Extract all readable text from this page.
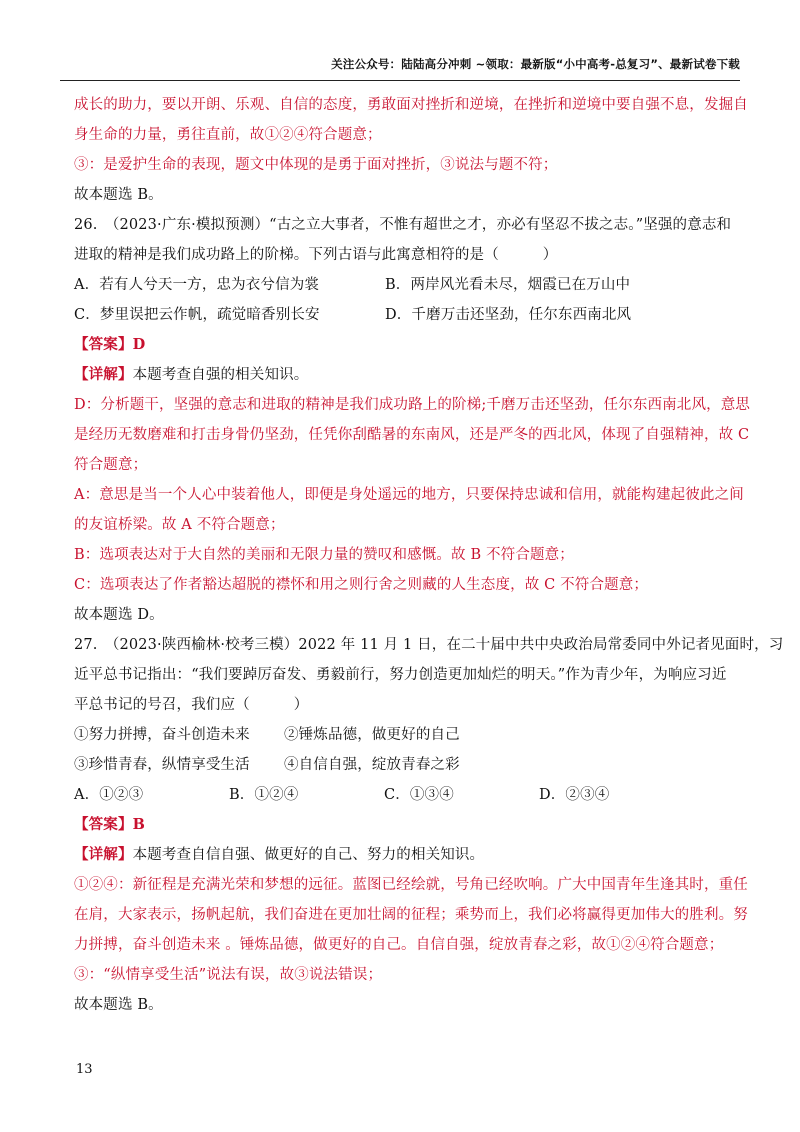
关注公众号：陆陆高分冲刺 ~领取：最新版“小中高考-总复习”、最新试卷下载
成长的助力，要以开朗、乐观、自信的态度，勇敢面对挫折和逆境，在挫折和逆境中要自强不息，发掘自
身生命的力量，勇往直前，故①②④符合题意；
③：是爱护生命的表现，题文中体现的是勇于面对挫折，③说法与题不符；
故本题选 B。
26.　（2023·广东·模拟预测）“古之立大事者，不惟有超世之才，亦必有坚忍不拔之志。”坚强的意志和
进取的精神是我们成功路上的阶梯。下列古语与此寓意相符的是（　　　）
A．若有人兮天一方，忠为衣兮信为裳	B．两岸风光看未尽，烟霞已在万山中
C．梦里误把云作帆，疏觉暗香别长安	D．千磨万击还坚劲，任尔东西南北风
【答案】D
【详解】本题考查自强的相关知识。
D：分析题干，坚强的意志和进取的精神是我们成功路上的阶梯;千磨万击还坚劲，任尔东西南北风，意思
是经历无数磨难和打击身骨仍坚劲，任凭你刮酷暑的东南风，还是严冬的西北风，体现了自强精神，故 C
符合题意；
A：意思是当一个人心中装着他人，即便是身处遥远的地方，只要保持忠诚和信用，就能构建起彼此之间
的友谊桥梁。故 A 不符合题意；
B：选项表达对于大自然的美丽和无限力量的赞叹和感慨。故 B 不符合题意；
C：选项表达了作者豁达超脱的襟怀和用之则行舍之则藏的人生态度，故 C 不符合题意；
故本题选 D。
27.　（2023·陕西榆林·校考三模）2022 年 11 月 1 日，在二十届中共中央政治局常委同中外记者见面时，习
近平总书记指出：“我们要踔厉奋发、勇毅前行，努力创造更加灿烂的明天。”作为青少年，为响应习近
平总书记的号召，我们应（　　　）
①努力拼搏，奋斗创造未来 ②锤炼品德，做更好的自己
③珍惜青春，纵情享受生活 ④自信自强，绽放青春之彩
A．①②③	B．①②④	C．①③④	D．②③④
【答案】B
【详解】本题考查自信自强、做更好的自己、努力的相关知识。
①②④：新征程是充满光荣和梦想的远征。蓝图已经绘就，号角已经吹响。广大中国青年生逢其时，重任
在肩，大家表示，扬帆起航，我们奋进在更加壮阔的征程；乘势而上，我们必将赢得更加伟大的胜利。努
力拼搏，奋斗创造未来 。锤炼品德，做更好的自己。自信自强，绽放青春之彩，故①②④符合题意；
③：“纵情享受生活”说法有误，故③说法错误；
故本题选 B。
13
